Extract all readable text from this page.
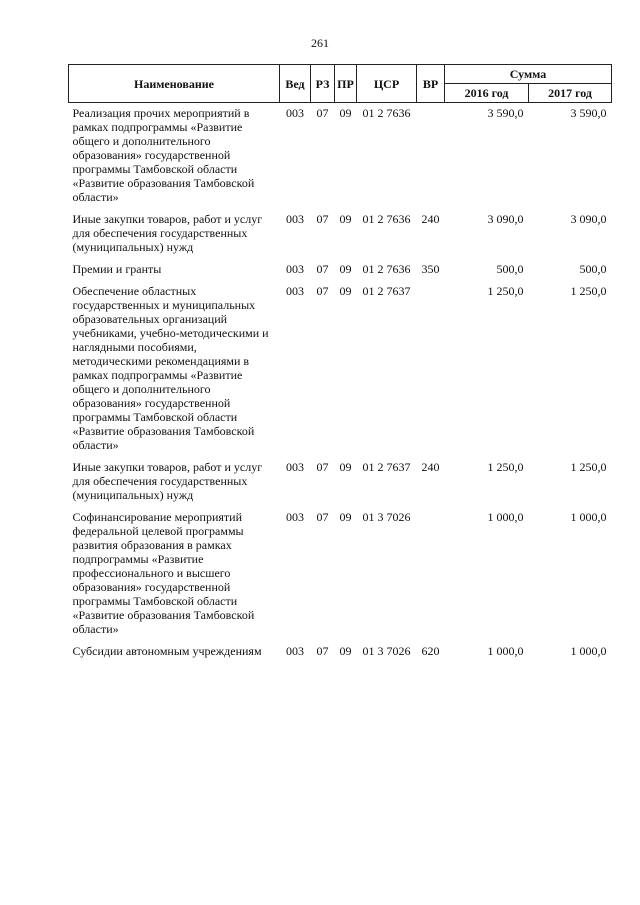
261
Наименование	Вед	РЗ	ПР	ЦСР	ВР	Сумма	
						2016 год	2017 год
Реализация прочих мероприятий в рамках подпрограммы «Развитие общего и дополнительного образования» государственной программы Тамбовской области «Развитие образования Тамбовской области»	003	07	09	01 2 7636		3 590,0	3 590,0
Иные закупки товаров, работ и услуг для обеспечения государственных (муниципальных) нужд	003	07	09	01 2 7636	240	3 090,0	3 090,0
Премии и гранты	003	07	09	01 2 7636	350	500,0	500,0
Обеспечение областных государственных и муниципальных образовательных организаций учебниками, учебно-методическими и наглядными пособиями, методическими рекомендациями в рамках подпрограммы «Развитие общего и дополнительного образования» государственной программы Тамбовской области «Развитие образования Тамбовской области»	003	07	09	01 2 7637		1 250,0	1 250,0
Иные закупки товаров, работ и услуг для обеспечения государственных (муниципальных) нужд	003	07	09	01 2 7637	240	1 250,0	1 250,0
Софинансирование мероприятий федеральной целевой программы развития образования в рамках подпрограммы «Развитие профессионального и высшего образования» государственной программы Тамбовской области «Развитие образования Тамбовской области»	003	07	09	01 3 7026		1 000,0	1 000,0
Субсидии автономным учреждениям	003	07	09	01 3 7026	620	1 000,0	1 000,0
